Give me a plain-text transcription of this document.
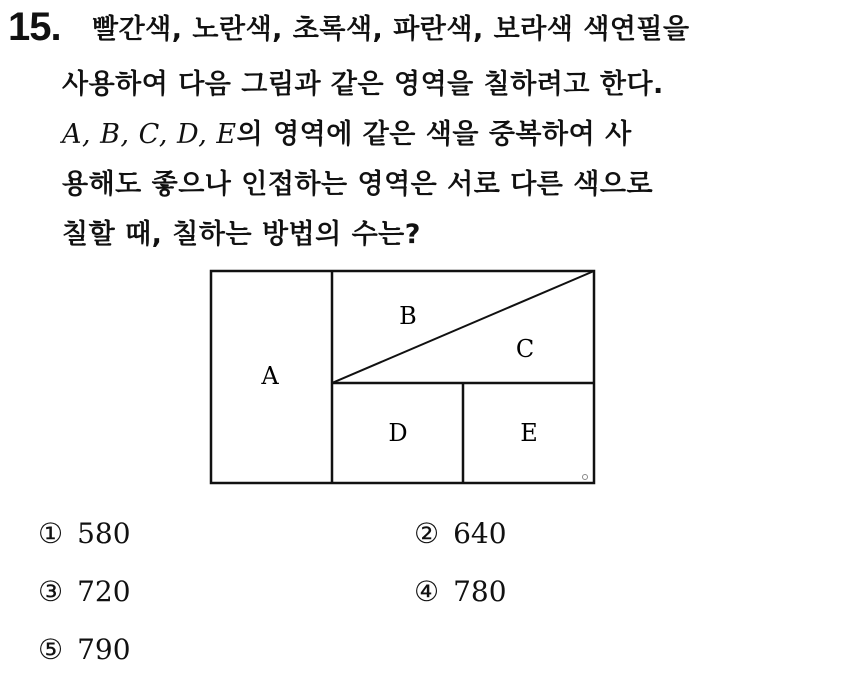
15. 빨간색, 노란색, 초록색, 파란색, 보라색 색연필을
사용하여 다음 그림과 같은 영역을 칠하려고 한다.
A, B, C, D, E의 영역에 같은 색을 중복하여 사
용해도 좋으나 인접하는 영역은 서로 다른 색으로
칠할 때, 칠하는 방법의 수는?
A
B
C
D	E
① 580	② 640
③ 720	④ 780
⑤ 790
